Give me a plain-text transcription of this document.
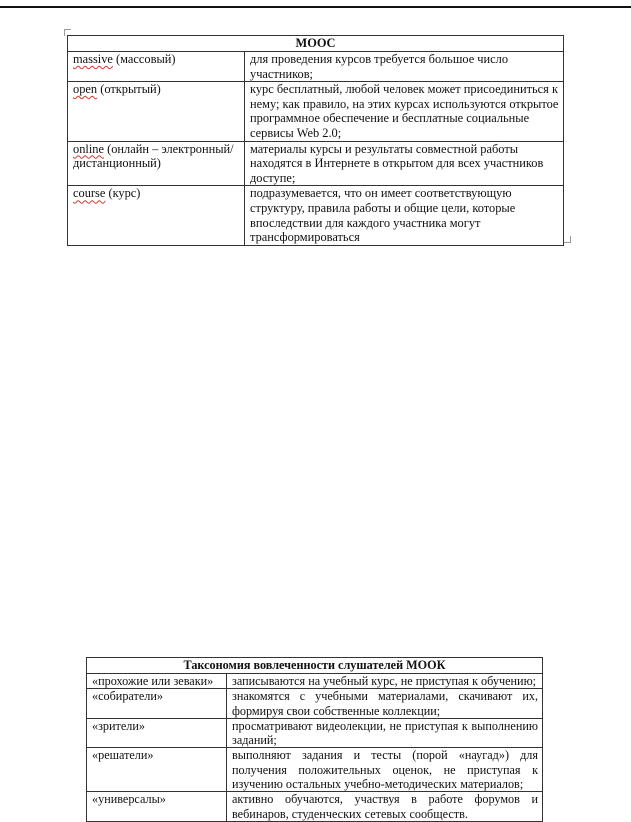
MOOC	
massive (массовый)	для проведения курсов требуется большое число участников;
open (открытый)	курс бесплатный, любой человек может присоединиться к нему; как правило, на этих курсах используются открытое программное обеспечение и бесплатные социальные сервисы Web 2.0;
online (онлайн – электронный/дистанционный)	материалы курсы и результаты совместной работы находятся в Интернете в открытом для всех участников доступе;
course (курс)	подразумевается, что он имеет соответствующую структуру, правила работы и общие цели, которые впоследствии для каждого участника могут трансформироваться
Таксономия вовлеченности слушателей МООК	
«прохожие или зеваки»	записываются на учебный курс, не приступая к обучению;
«собиратели»	знакомятся с учебными материалами, скачивают их, формируя свои собственные коллекции;
«зрители»	просматривают видеолекции, не приступая к выполнению заданий;
«решатели»	выполняют задания и тесты (порой «наугад») для получения положительных оценок, не приступая к изучению остальных учебно-методических материалов;
«универсалы»	активно обучаются, участвуя в работе форумов и вебинаров, студенческих сетевых сообществ.
